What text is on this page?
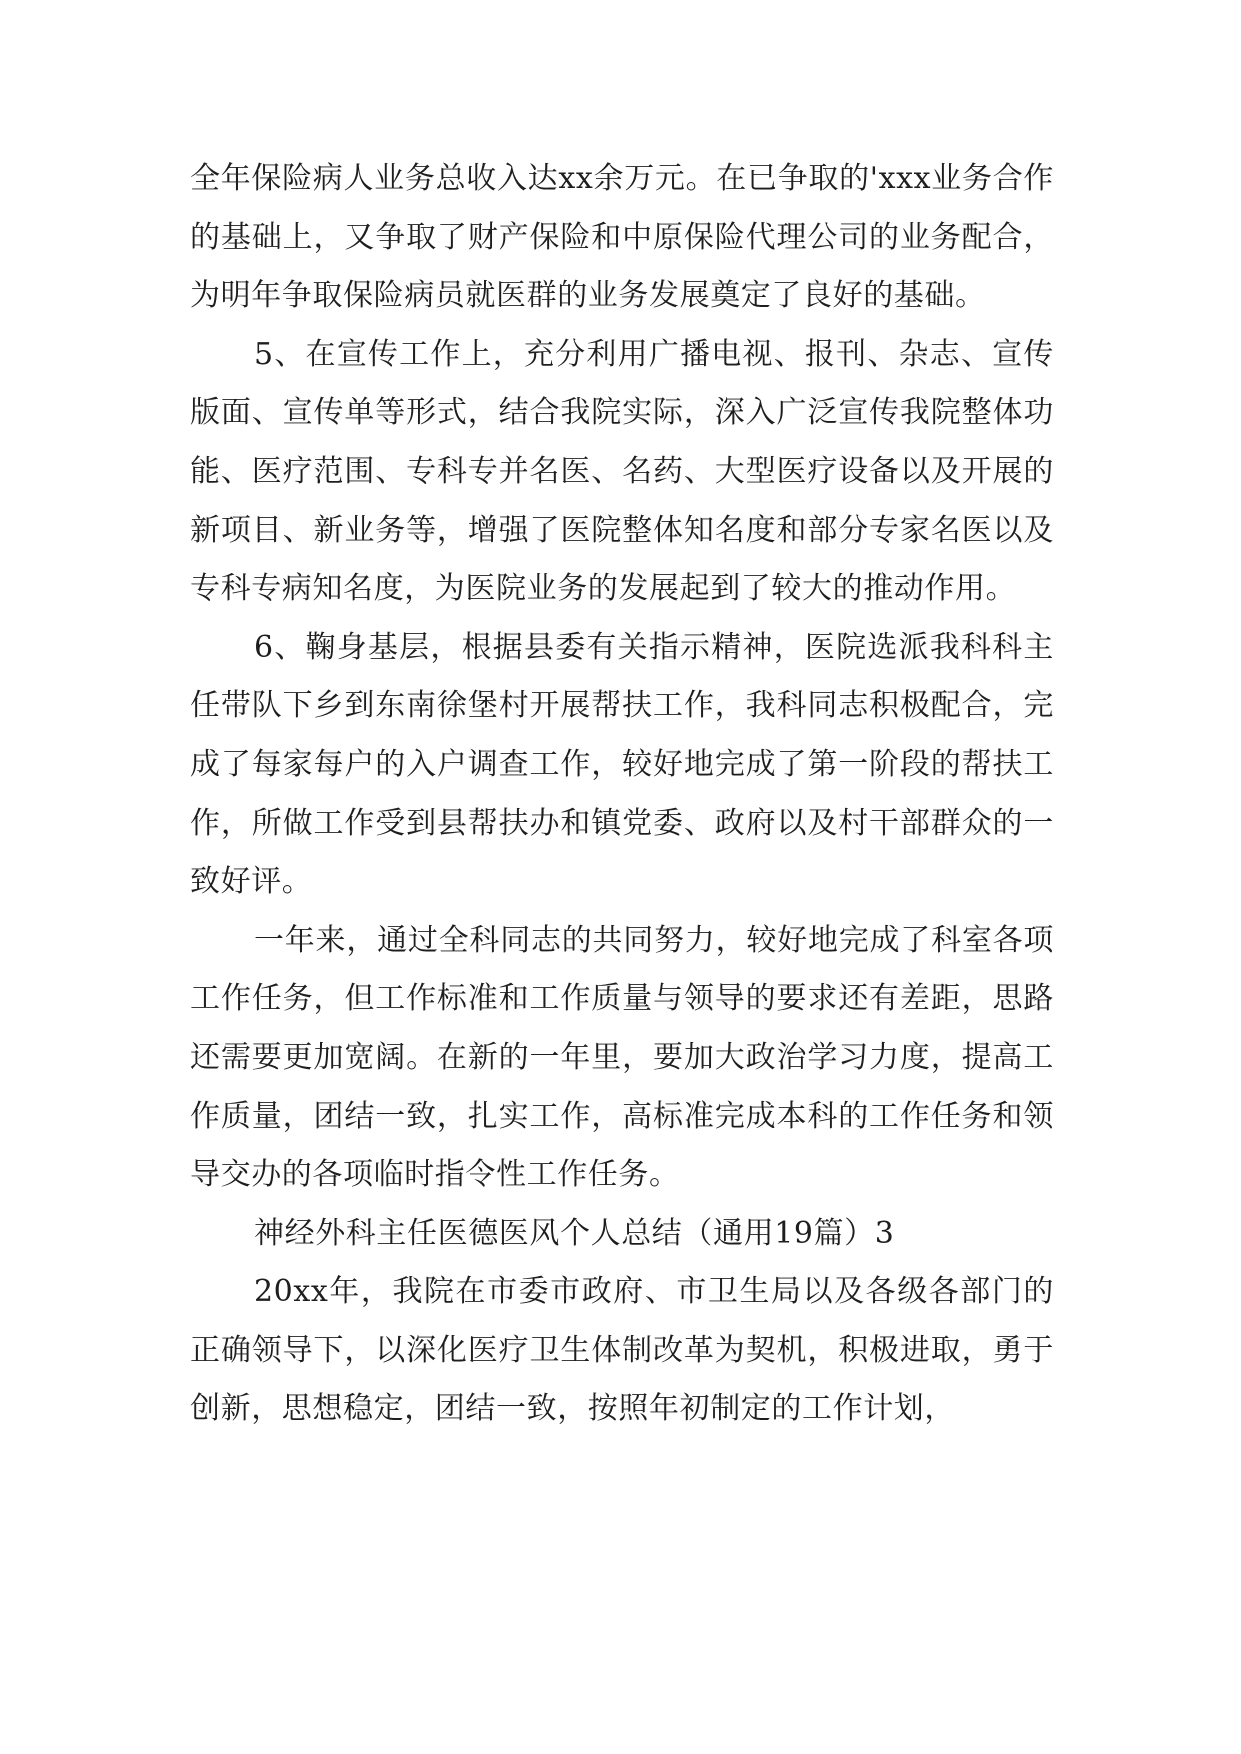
全年保险病人业务总收入达xx余万元。在已争取的'xxx业务合作的基础上，又争取了财产保险和中原保险代理公司的业务配合，为明年争取保险病员就医群的业务发展奠定了良好的基础。

5、在宣传工作上，充分利用广播电视、报刊、杂志、宣传版面、宣传单等形式，结合我院实际，深入广泛宣传我院整体功能、医疗范围、专科专并名医、名药、大型医疗设备以及开展的新项目、新业务等，增强了医院整体知名度和部分专家名医以及专科专病知名度，为医院业务的发展起到了较大的推动作用。

6、鞠身基层，根据县委有关指示精神，医院选派我科科主任带队下乡到东南徐堡村开展帮扶工作，我科同志积极配合，完成了每家每户的入户调查工作，较好地完成了第一阶段的帮扶工作，所做工作受到县帮扶办和镇党委、政府以及村干部群众的一致好评。

一年来，通过全科同志的共同努力，较好地完成了科室各项工作任务，但工作标准和工作质量与领导的要求还有差距，思路还需要更加宽阔。在新的一年里，要加大政治学习力度，提高工作质量，团结一致，扎实工作，高标准完成本科的工作任务和领导交办的各项临时指令性工作任务。

神经外科主任医德医风个人总结（通用19篇）3

20xx年，我院在市委市政府、市卫生局以及各级各部门的正确领导下，以深化医疗卫生体制改革为契机，积极进取，勇于创新，思想稳定，团结一致，按照年初制定的工作计划，
